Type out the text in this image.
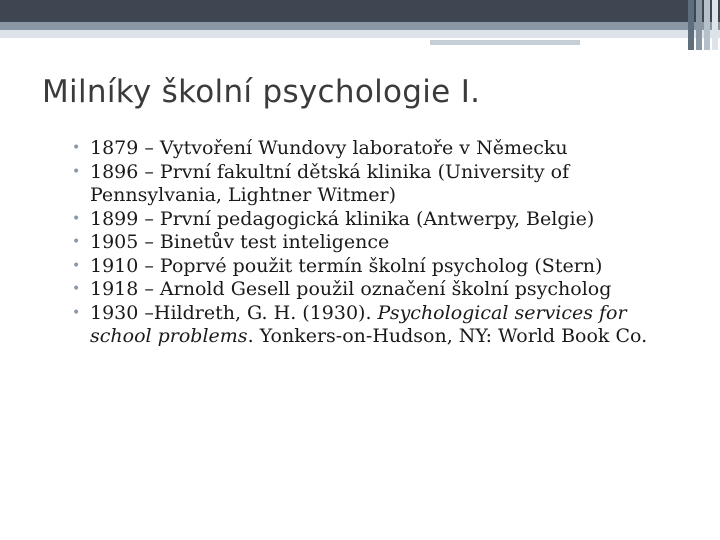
Milníky školní psychologie I.
• 1879 – Vytvoření Wundovy laboratoře v Německu
• 1896 – První fakultní dětská klinika (University of Pennsylvania, Lightner Witmer)
• 1899 – První pedagogická klinika (Antwerpy, Belgie)
• 1905 – Binetův test inteligence
• 1910 – Poprvé použit termín školní psycholog (Stern)
• 1918 – Arnold Gesell použil označení školní psycholog
• 1930 –Hildreth, G. H. (1930). Psychological services for school problems. Yonkers-on-Hudson, NY: World Book Co.
